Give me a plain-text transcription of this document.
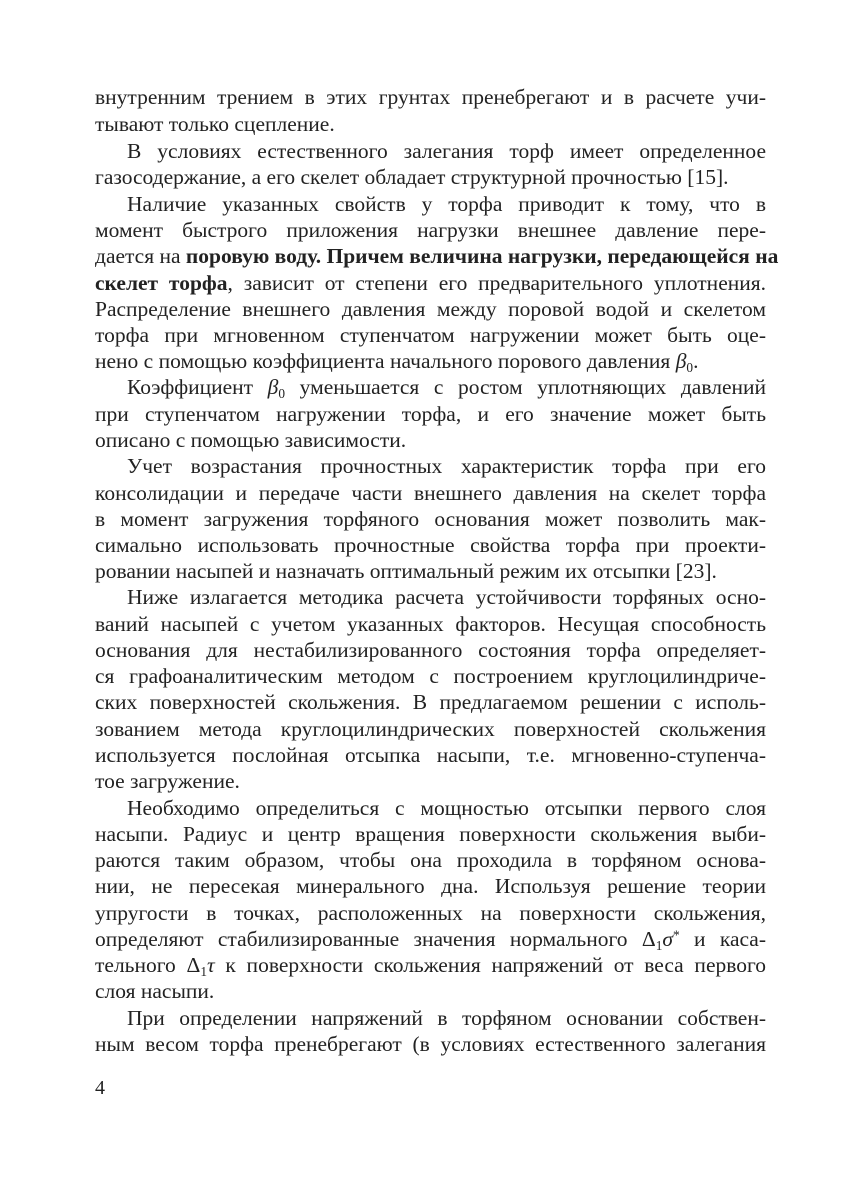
внутренним трением в этих грунтах пренебрегают и в расчете учи-
тывают только сцепление.
В условиях естественного залегания торф имеет определенное
газосодержание, а его скелет обладает структурной прочностью [15].
Наличие указанных свойств у торфа приводит к тому, что в
момент быстрого приложения нагрузки внешнее давление пере-
дается на поровую воду. Причем величина нагрузки, передающейся на
скелет торфа, зависит от степени его предварительного уплотнения.
Распределение внешнего давления между поровой водой и скелетом
торфа при мгновенном ступенчатом нагружении может быть оце-
нено с помощью коэффициента начального порового давления $\beta_0$.
Коэффициент $\beta_0$ уменьшается с ростом уплотняющих давлений
при ступенчатом нагружении торфа, и его значение может быть
описано с помощью зависимости.
Учет возрастания прочностных характеристик торфа при его
консолидации и передаче части внешнего давления на скелет торфа
в момент загружения торфяного основания может позволить мак-
симально использовать прочностные свойства торфа при проекти-
ровании насыпей и назначать оптимальный режим их отсыпки [23].
Ниже излагается методика расчета устойчивости торфяных осно-
ваний насыпей с учетом указанных факторов. Несущая способность
основания для нестабилизированного состояния торфа определяет-
ся графоаналитическим методом с построением круглоцилиндриче-
ских поверхностей скольжения. В предлагаемом решении с исполь-
зованием метода круглоцилиндрических поверхностей скольжения
используется послойная отсыпка насыпи, т.е. мгновенно-ступенча-
тое загружение.
Необходимо определиться с мощностью отсыпки первого слоя
насыпи. Радиус и центр вращения поверхности скольжения выби-
раются таким образом, чтобы она проходила в торфяном основа-
нии, не пересекая минерального дна. Используя решение теории
упругости в точках, расположенных на поверхности скольжения,
определяют стабилизированные значения нормального $\Delta_1\sigma^*$ и каса-
тельного $\Delta_1\tau$ к поверхности скольжения напряжений от веса первого
слоя насыпи.
При определении напряжений в торфяном основании собствен-
ным весом торфа пренебрегают (в условиях естественного залегания
4
